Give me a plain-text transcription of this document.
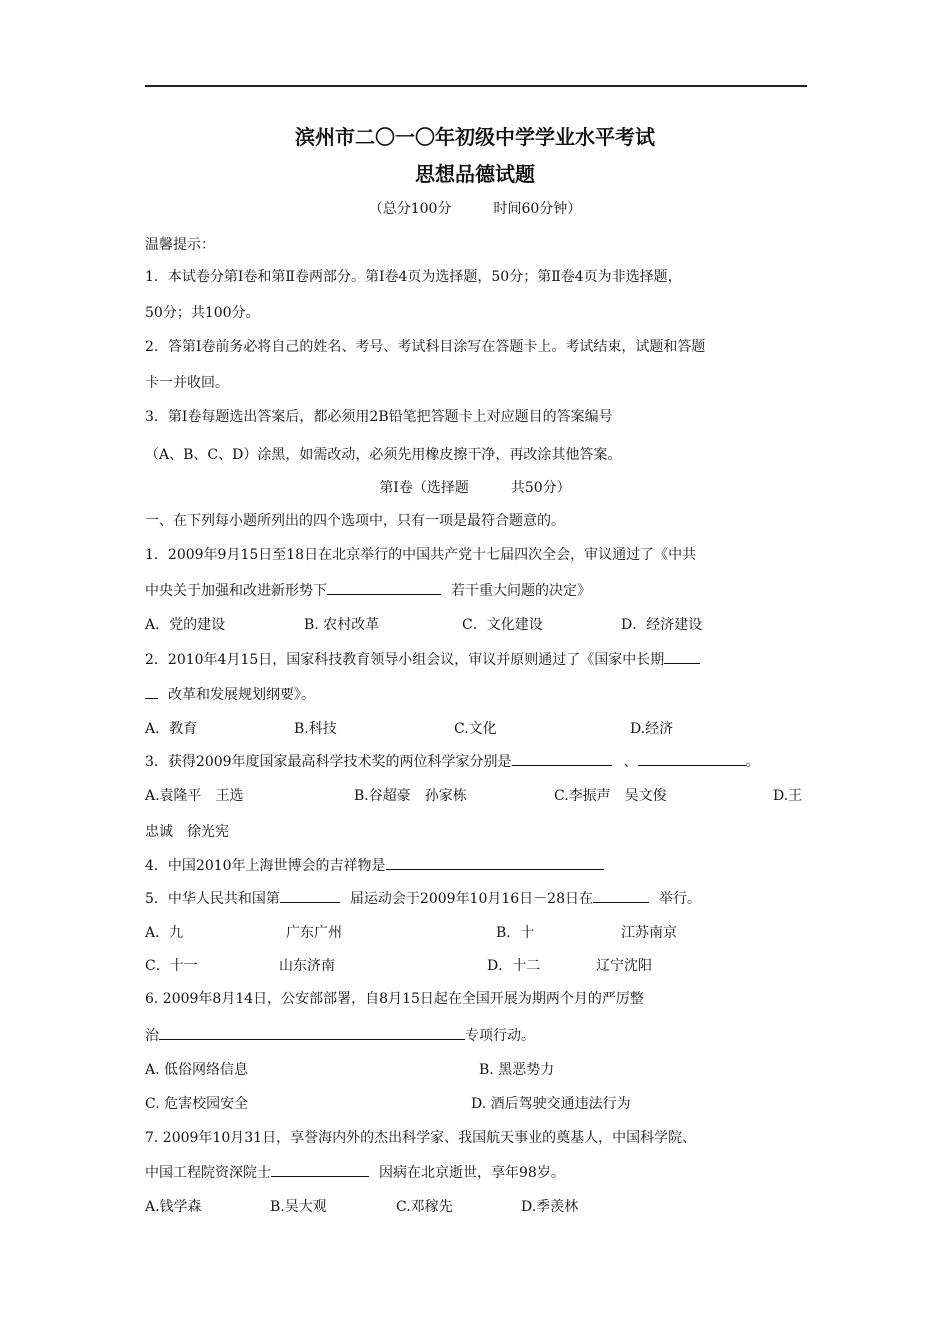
滨州市二〇一〇年初级中学学业水平考试
思想品德试题
（总分100分　　　时间60分钟）
温馨提示：
1．本试卷分第Ⅰ卷和第Ⅱ卷两部分。第Ⅰ卷4页为选择题，50分；第Ⅱ卷4页为非选择题，
50分；共100分。
2．答第Ⅰ卷前务必将自己的姓名、考号、考试科目涂写在答题卡上。考试结束，试题和答题
卡一并收回。
3．第Ⅰ卷每题选出答案后，都必须用2B铅笔把答题卡上对应题目的答案编号
（A、B、C、D）涂黑，如需改动，必须先用橡皮擦干净，再改涂其他答案。
第Ⅰ卷（选择题　　　共50分）
一、在下列每小题所列出的四个选项中，只有一项是最符合题意的。
1．2009年9月15日至18日在北京举行的中国共产党十七届四次全会，审议通过了《中共
中央关于加强和改进新形势下	若干重大问题的决定》
A．党的建设	B. 农村改革	C．文化建设	D．经济建设
2．2010年4月15日，国家科技教育领导小组会议，审议并原则通过了《国家中长期
改革和发展规划纲要》。
A．教育	B.科技	C.文化	D.经济
3．获得2009年度国家最高科学技术奖的两位科学家分别是	、	。
A.袁隆平　王选	B.谷超豪　孙家栋	C.李振声　吴文俊	D.王
忠诚　徐光宪
4．中国2010年上海世博会的吉祥物是
5．中华人民共和国第	届运动会于2009年10月16日－28日在	举行。
A．九	广东广州	B．十	江苏南京
C．十一	山东济南	D．十二	辽宁沈阳
6. 2009年8月14日，公安部部署，自8月15日起在全国开展为期两个月的严厉整
治	专项行动。
A. 低俗网络信息	B. 黑恶势力
C. 危害校园安全	D. 酒后驾驶交通违法行为
7. 2009年10月31日，享誉海内外的杰出科学家、我国航天事业的奠基人，中国科学院、
中国工程院资深院士	因病在北京逝世，享年98岁。
A.钱学森	B.吴大观	C.邓稼先	D.季羡林
